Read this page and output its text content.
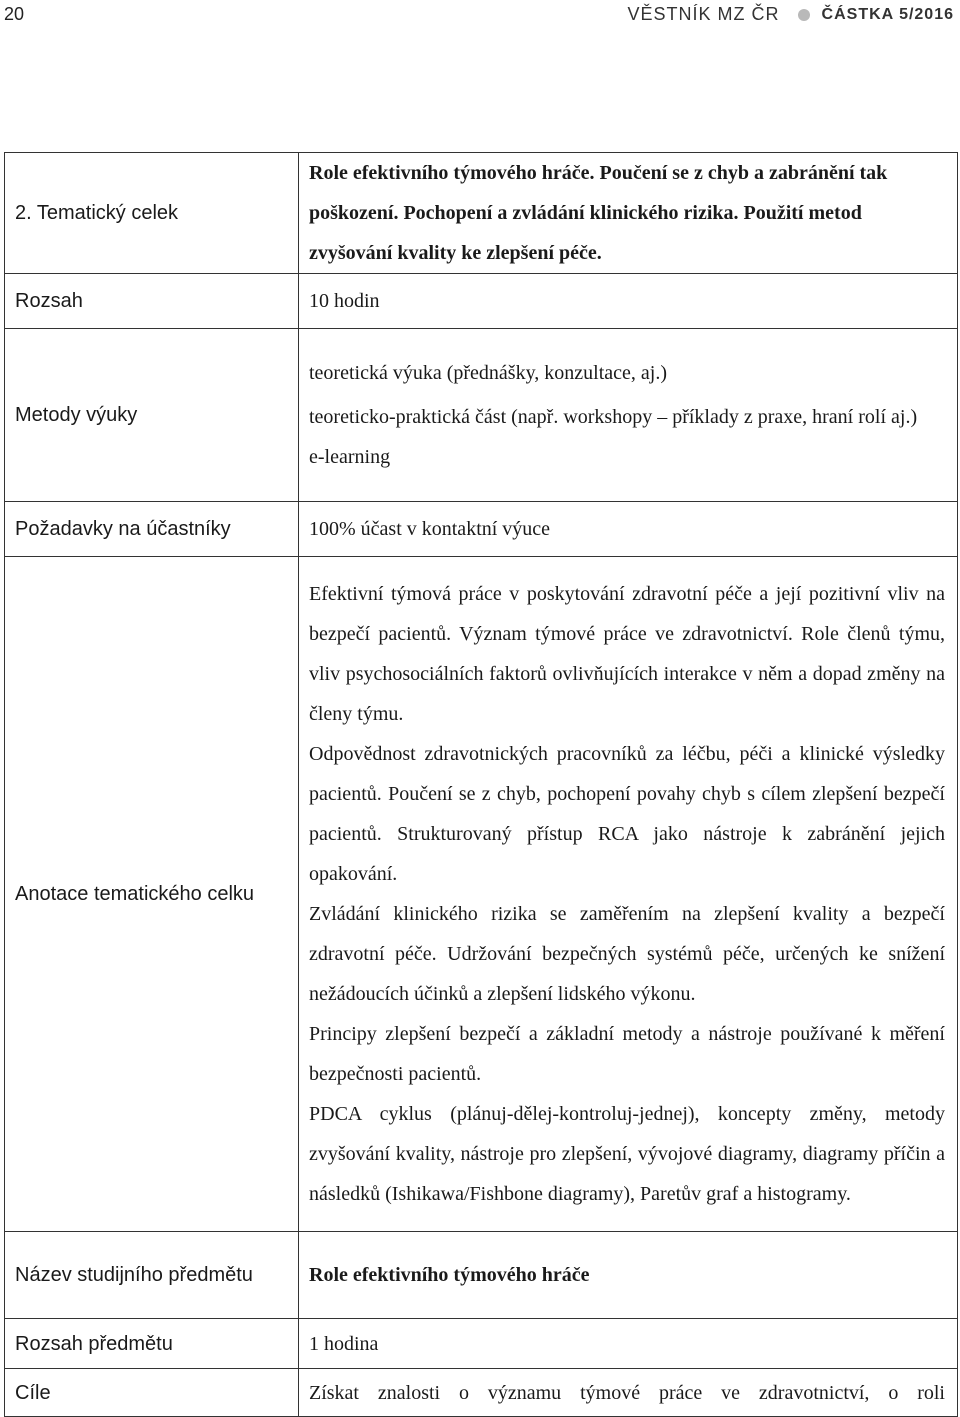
20	VĚSTNÍK MZ ČR	ČÁSTKA 5/2016
2. Tematický celek	Role efektivního týmového hráče. Poučení se z chyb a zabránění tak poškození. Pochopení a zvládání klinického rizika. Použití metod zvyšování kvality ke zlepšení péče.
Rozsah	10 hodin
Metody výuky	teoretická výuka (přednášky, konzultace, aj.)

teoreticko-praktická část (např. workshopy – příklady z praxe, hraní rolí aj.)

e-learning

Požadavky na účastníky	100% účast v kontaktní výuce
Anotace tematického celku	Efektivní týmová práce v poskytování zdravotní péče a její pozitivní vliv na bezpečí pacientů. Význam týmové práce ve zdravotnictví. Role členů týmu, vliv psychosociálních faktorů ovlivňujících interakce v něm a dopad změny na členy týmu.

Odpovědnost zdravotnických pracovníků za léčbu, péči a klinické výsledky pacientů. Poučení se z chyb, pochopení povahy chyb s cílem zlepšení bezpečí pacientů. Strukturovaný přístup RCA jako nástroje k zabránění jejich opakování.

Zvládání klinického rizika se zaměřením na zlepšení kvality a bezpečí zdravotní péče. Udržování bezpečných systémů péče, určených ke snížení nežádoucích účinků a zlepšení lidského výkonu.

Principy zlepšení bezpečí a základní metody a nástroje používané k měření bezpečnosti pacientů.

PDCA cyklus (plánuj-dělej-kontroluj-jednej), koncepty změny, metody zvyšování kvality, nástroje pro zlepšení, vývojové diagramy, diagramy příčin a následků (Ishikawa/Fishbone diagramy), Paretův graf a histogramy.

Název studijního předmětu	Role efektivního týmového hráče
Rozsah předmětu	1 hodina
Cíle	Získat znalosti o významu týmové práce ve zdravotnictví, o roli
